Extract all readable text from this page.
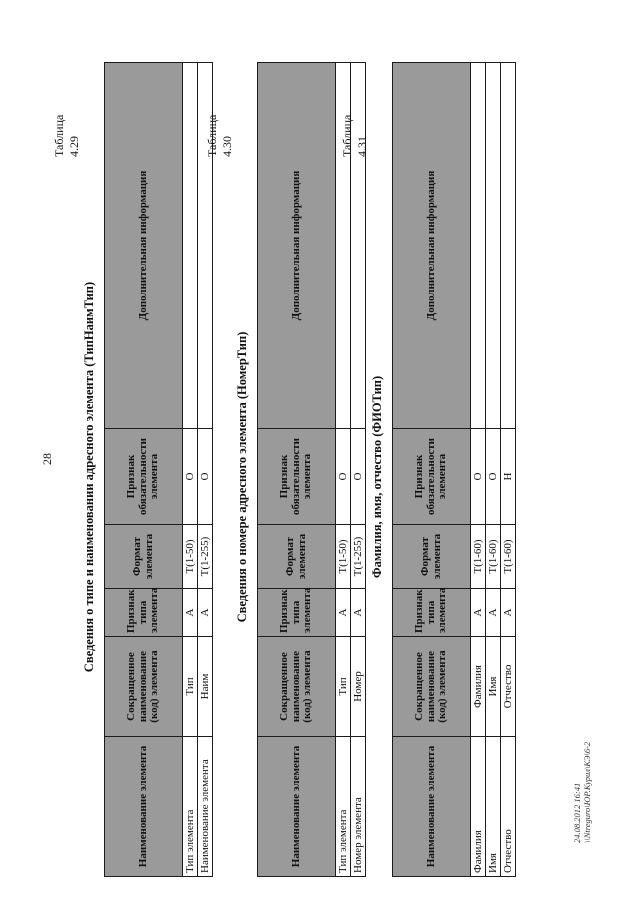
28
Таблица 4.29
Сведения о типе и наименовании адресного элемента (ТипНаимТип)
Наименование элемента	Сокращенное наименование (код) элемента	Признак типа элемента	Формат элемента	Признак обязательности элемента	Дополнительная информация
Тип элемента	Тип	А	Т(1-50)	О	
Наименование элемента	Наим	А	Т(1-255)	О	
Таблица 4.30
Сведения о номере адресного элемента (НомерТип)
Наименование элемента	Сокращенное наименование (код) элемента	Признак типа элемента	Формат элемента	Признак обязательности элемента	Дополнительная информация
Тип элемента	Тип	А	Т(1-50)	О	
Номер элемента	Номер	А	Т(1-255)	О	
Таблица 4.31
Фамилия, имя, отчество (ФИОТип)
Наименование элемента	Сокращенное наименование (код) элемента	Признак типа элемента	Формат элемента	Признак обязательности элемента	Дополнительная информация
Фамилия	Фамилия	А	Т(1-60)	О	
Имя	Имя	А	Т(1-60)	О	
Отчество	Отчество	А	Т(1-60)	Н	
24.08.2012 16:41 \\Ntreguro\ЮР.Курил\КЭ\6-2
